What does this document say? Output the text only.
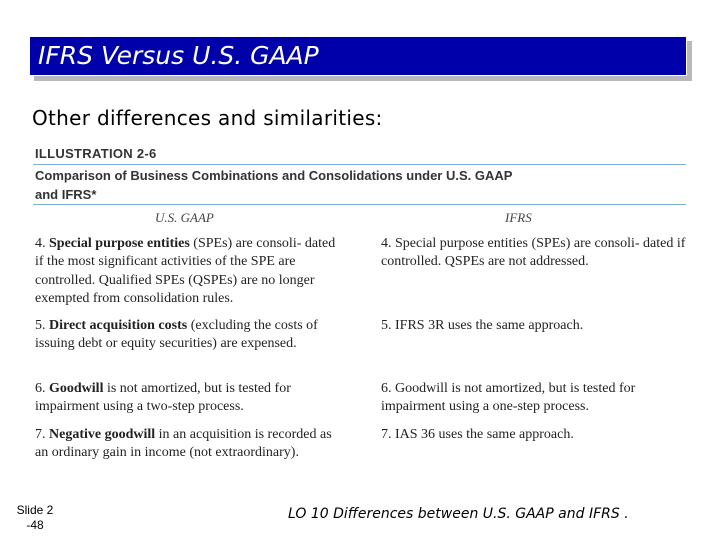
IFRS Versus U.S. GAAP
Other differences and similarities:
ILLUSTRATION 2-6
Comparison of Business Combinations and Consolidations under U.S. GAAP
and IFRS*
U.S. GAAP	IFRS
4. Special purpose entities (SPEs) are consoli- dated if the most significant activities of the SPE are controlled. Qualified SPEs (QSPEs) are no longer exempted from consolidation rules.
4. Special purpose entities (SPEs) are consoli- dated if controlled. QSPEs are not addressed.
5. Direct acquisition costs (excluding the costs of issuing debt or equity securities) are expensed.
5. IFRS 3R uses the same approach.
6. Goodwill is not amortized, but is tested for impairment using a two-step process.
6. Goodwill is not amortized, but is tested for impairment using a one-step process.
7. Negative goodwill in an acquisition is recorded as an ordinary gain in income (not extraordinary).
7. IAS 36 uses the same approach.
Slide 2
-48
LO 10 Differences between U.S. GAAP and IFRS .
